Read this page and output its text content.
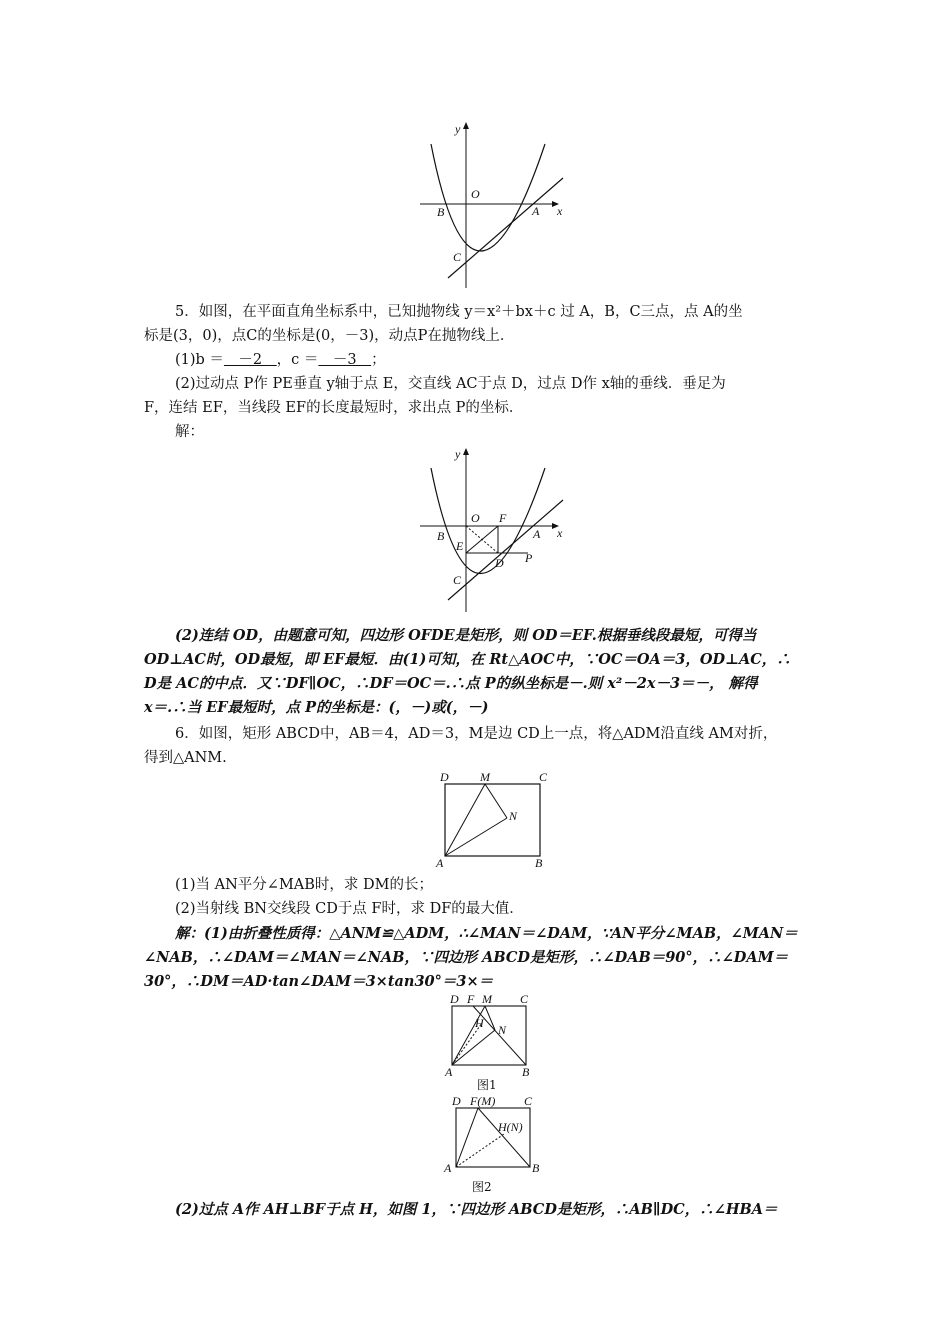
y
x
O
A
B
C
5．如图，在平面直角坐标系中，已知抛物线 y＝x²＋bx＋c 过 A，B，C三点，点 A的坐
标是(3，0)，点C的坐标是(0，－3)，动点P在抛物线上．
(1)b ＝　－2　，c ＝　－3　；
(2)过动点 P作 PE垂直 y轴于点 E，交直线 AC于点 D，过点 D作 x轴的垂线．垂足为
F，连结 EF，当线段 EF的长度最短时，求出点 P的坐标．
解：
y
x
O F
A
B
E
D P
C
(2)连结 OD，由题意可知，四边形 OFDE是矩形，则 OD＝EF.根据垂线段最短，可得当
OD⊥AC时，OD最短，即 EF最短．由(1)可知，在 Rt△AOC中，∵OC＝OA＝3，OD⊥AC，∴
D是 AC的中点．又∵DF∥OC，∴DF＝OC＝.∴点 P的纵坐标是－.则 x²－2x－3＝－， 解得
x＝.∴当 EF最短时，点 P的坐标是：(，－)或(，－)
6．如图，矩形 ABCD中，AB＝4，AD＝3，M是边 CD上一点，将△ADM沿直线 AM对折，
得到△ANM.
D	M	C
N
A	B
(1)当 AN平分∠MAB时，求 DM的长；
(2)当射线 BN交线段 CD于点 F时，求 DF的最大值．
解：(1)由折叠性质得：△ANM≌△ADM，∴∠MAN＝∠DAM，∵AN平分∠MAB，∠MAN＝
∠NAB，∴∠DAM＝∠MAN＝∠NAB，∵四边形 ABCD是矩形，∴∠DAB＝90°，∴∠DAM＝
30°，∴DM＝AD·tan∠DAM＝3×tan30°＝3×＝
D F M C
H N
A	B
图1
D F(M) C
H(N)
A	B
图2
(2)过点 A作 AH⊥BF于点 H，如图 1，∵四边形 ABCD是矩形，∴AB∥DC，∴∠HBA＝
